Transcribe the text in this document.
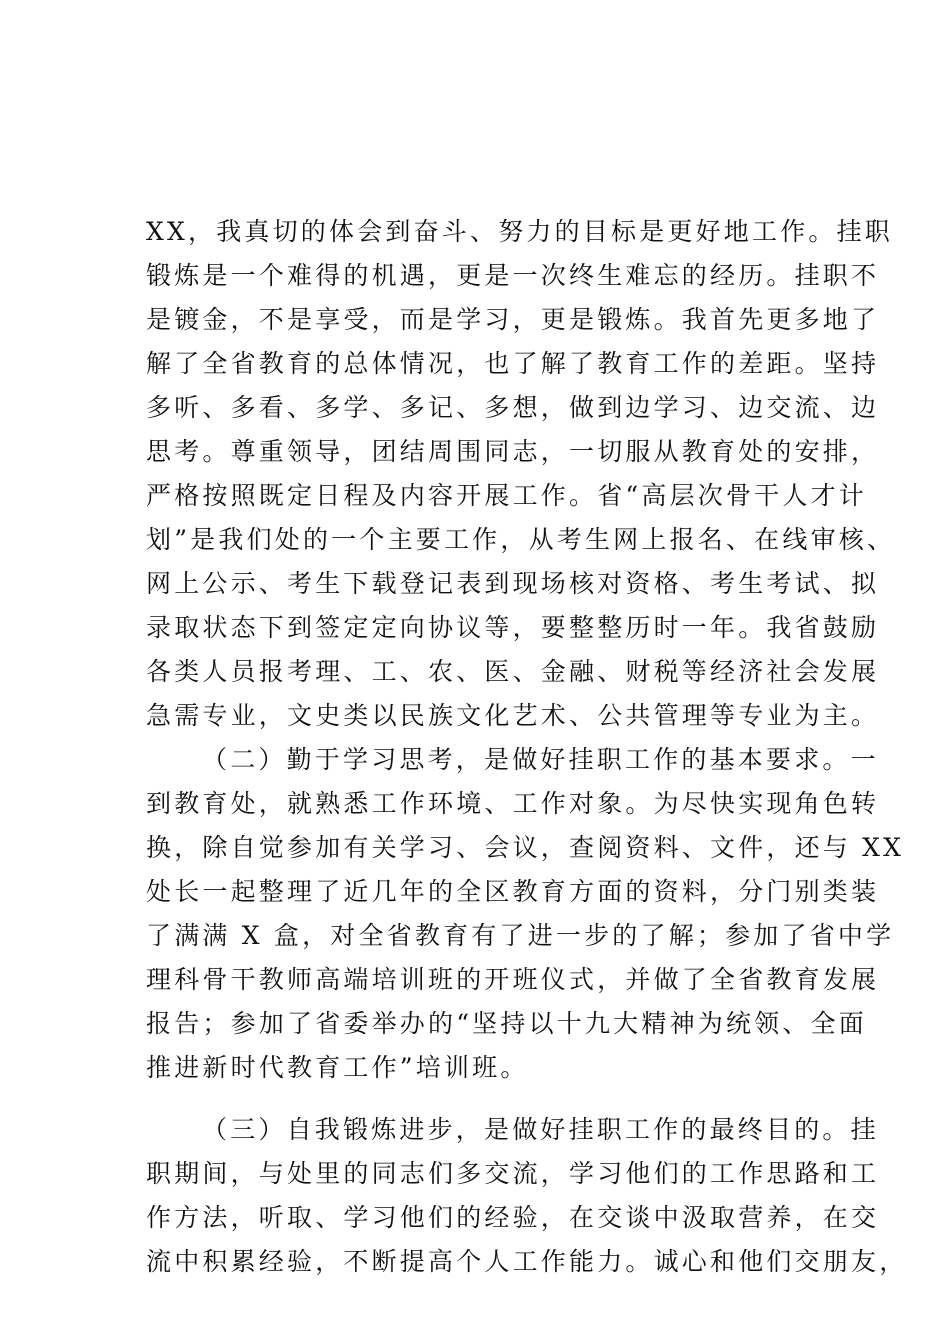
XX，我真切的体会到奋斗、努力的目标是更好地工作。挂职
锻炼是一个难得的机遇，更是一次终生难忘的经历。挂职不
是镀金，不是享受，而是学习，更是锻炼。我首先更多地了
解了全省教育的总体情况，也了解了教育工作的差距。坚持
多听、多看、多学、多记、多想，做到边学习、边交流、边
思考。尊重领导，团结周围同志，一切服从教育处的安排，
严格按照既定日程及内容开展工作。省“高层次骨干人才计
划”是我们处的一个主要工作，从考生网上报名、在线审核、
网上公示、考生下载登记表到现场核对资格、考生考试、拟
录取状态下到签定定向协议等，要整整历时一年。我省鼓励
各类人员报考理、工、农、医、金融、财税等经济社会发展
急需专业，文史类以民族文化艺术、公共管理等专业为主。
（二）勤于学习思考，是做好挂职工作的基本要求。一
到教育处，就熟悉工作环境、工作对象。为尽快实现角色转
换，除自觉参加有关学习、会议，查阅资料、文件，还与 XX
处长一起整理了近几年的全区教育方面的资料，分门别类装
了满满 X 盒，对全省教育有了进一步的了解；参加了省中学
理科骨干教师高端培训班的开班仪式，并做了全省教育发展
报告；参加了省委举办的“坚持以十九大精神为统领、全面
推进新时代教育工作”培训班。
（三）自我锻炼进步，是做好挂职工作的最终目的。挂
职期间，与处里的同志们多交流，学习他们的工作思路和工
作方法，听取、学习他们的经验，在交谈中汲取营养，在交
流中积累经验，不断提高个人工作能力。诚心和他们交朋友，
